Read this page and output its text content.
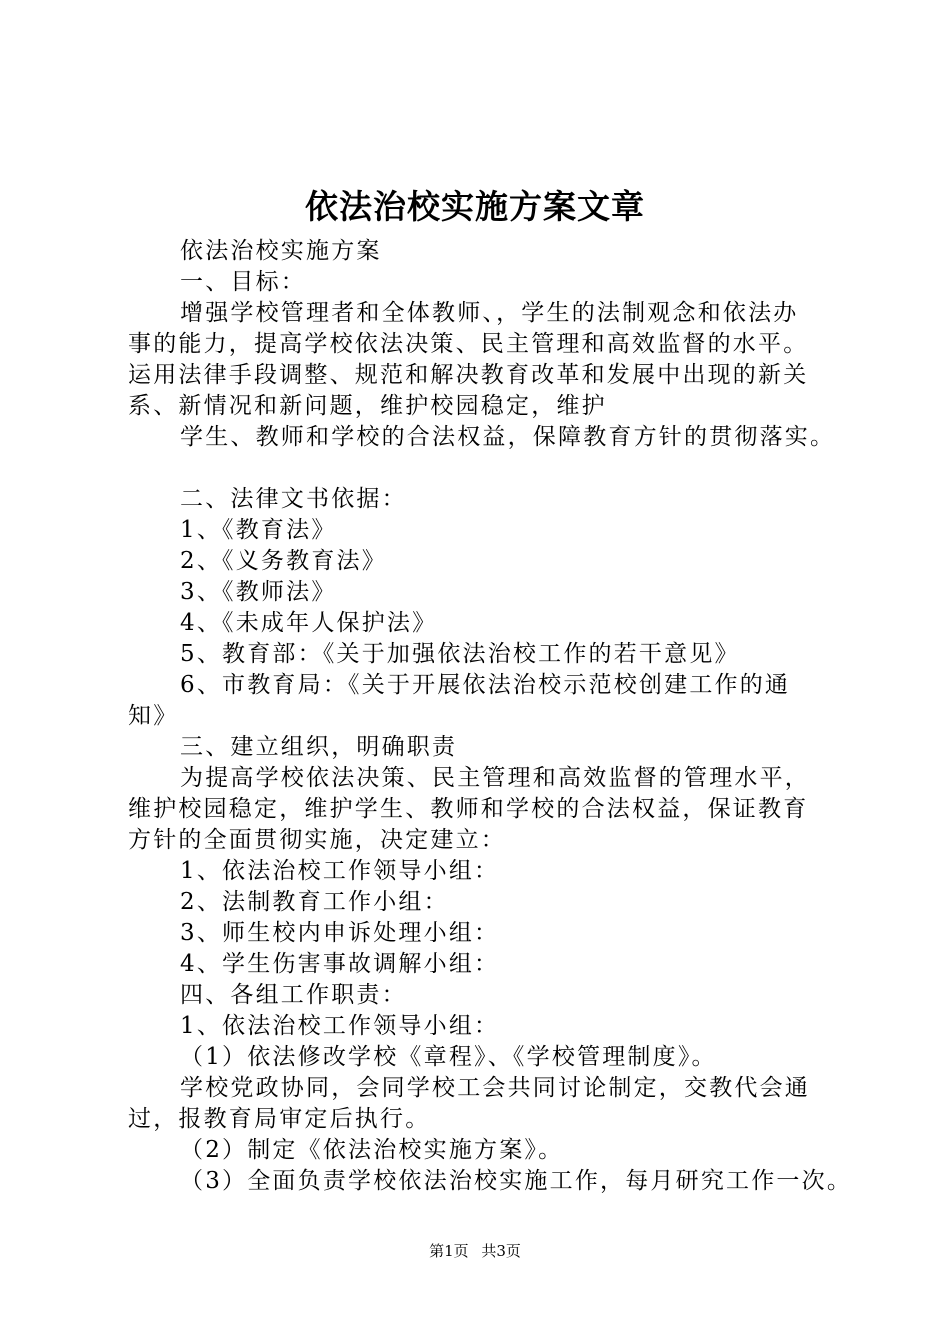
依法治校实施方案文章
依法治校实施方案
一、目标：
增强学校管理者和全体教师、，学生的法制观念和依法办
事的能力，提高学校依法决策、民主管理和高效监督的水平。
运用法律手段调整、规范和解决教育改革和发展中出现的新关
系、新情况和新问题，维护校园稳定，维护
学生、教师和学校的合法权益，保障教育方针的贯彻落实。
二、法律文书依据：
1、《教育法》
2、《义务教育法》
3、《教师法》
4、《未成年人保护法》
5、教育部：《关于加强依法治校工作的若干意见》
6、市教育局：《关于开展依法治校示范校创建工作的通
知》
三、建立组织，明确职责
为提高学校依法决策、民主管理和高效监督的管理水平，
维护校园稳定，维护学生、教师和学校的合法权益，保证教育
方针的全面贯彻实施，决定建立：
1、依法治校工作领导小组：
2、法制教育工作小组：
3、师生校内申诉处理小组：
4、学生伤害事故调解小组：
四、各组工作职责：
1、依法治校工作领导小组：
（1）依法修改学校《章程》、《学校管理制度》。
学校党政协同，会同学校工会共同讨论制定，交教代会通
过，报教育局审定后执行。
（2）制定《依法治校实施方案》。
（3）全面负责学校依法治校实施工作，每月研究工作一次。
第1页 共3页
